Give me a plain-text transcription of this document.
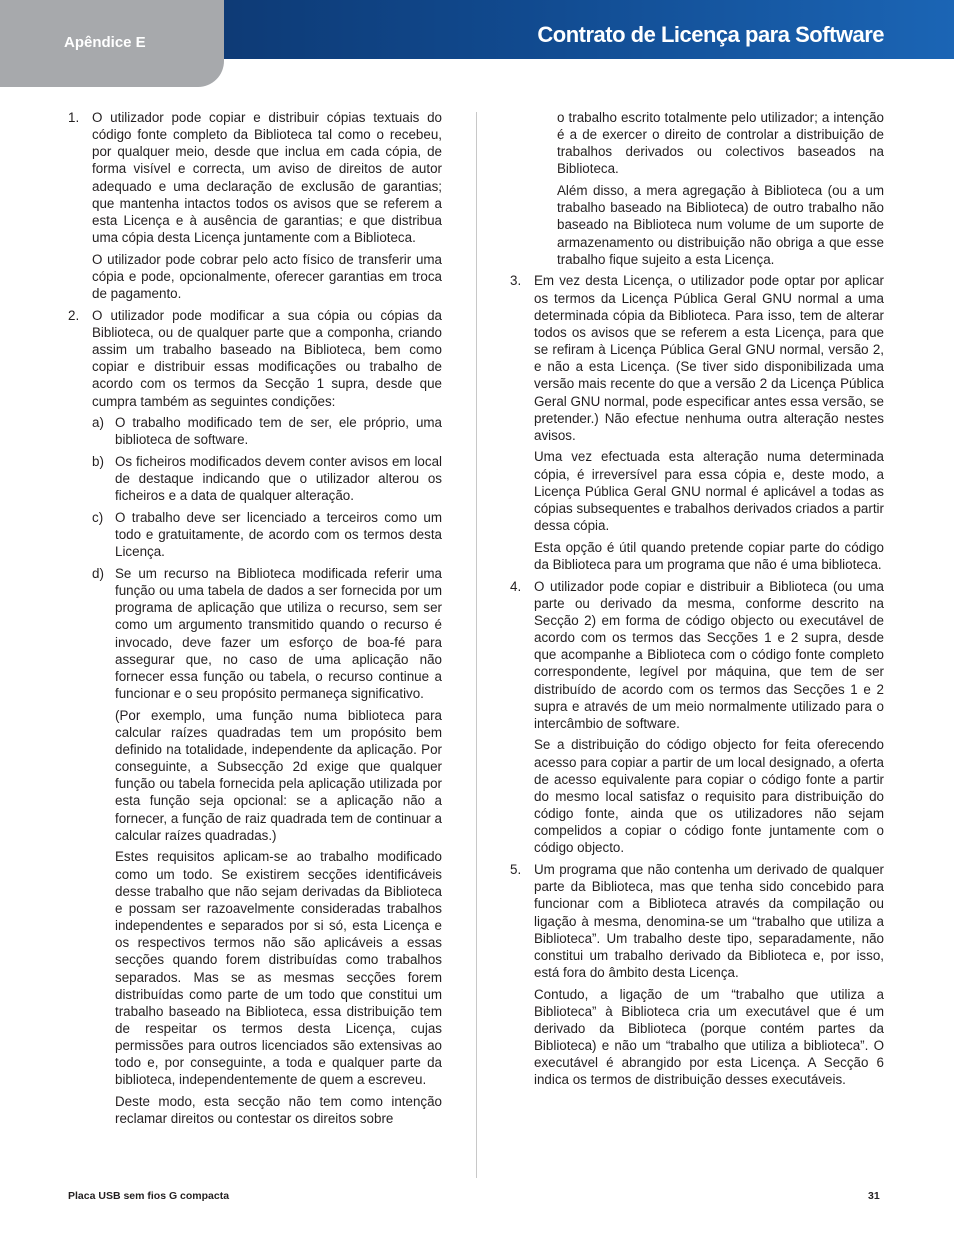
Contrato de Licença para Software
Apêndice E
1. O utilizador pode copiar e distribuir cópias textuais do código fonte completo da Biblioteca tal como o recebeu, por qualquer meio, desde que inclua em cada cópia, de forma visível e correcta, um aviso de direitos de autor adequado e uma declaração de exclusão de garantias; que mantenha intactos todos os avisos que se referem a esta Licença e à ausência de garantias; e que distribua uma cópia desta Licença juntamente com a Biblioteca.

O utilizador pode cobrar pelo acto físico de transferir uma cópia e pode, opcionalmente, oferecer garantias em troca de pagamento.

2. O utilizador pode modificar a sua cópia ou cópias da Biblioteca, ou de qualquer parte que a componha, criando assim um trabalho baseado na Biblioteca, bem como copiar e distribuir essas modificações ou trabalho de acordo com os termos da Secção 1 supra, desde que cumpra também as seguintes condições:

a) O trabalho modificado tem de ser, ele próprio, uma biblioteca de software.

b) Os ficheiros modificados devem conter avisos em local de destaque indicando que o utilizador alterou os ficheiros e a data de qualquer alteração.

c) O trabalho deve ser licenciado a terceiros como um todo e gratuitamente, de acordo com os termos desta Licença.

d) Se um recurso na Biblioteca modificada referir uma função ou uma tabela de dados a ser fornecida por um programa de aplicação que utiliza o recurso, sem ser como um argumento transmitido quando o recurso é invocado, deve fazer um esforço de boa-fé para assegurar que, no caso de uma aplicação não fornecer essa função ou tabela, o recurso continue a funcionar e o seu propósito permaneça significativo.

(Por exemplo, uma função numa biblioteca para calcular raízes quadradas tem um propósito bem definido na totalidade, independente da aplicação. Por conseguinte, a Subsecção 2d exige que qualquer função ou tabela fornecida pela aplicação utilizada por esta função seja opcional: se a aplicação não a fornecer, a função de raiz quadrada tem de continuar a calcular raízes quadradas.)

Estes requisitos aplicam-se ao trabalho modificado como um todo. Se existirem secções identificáveis desse trabalho que não sejam derivadas da Biblioteca e possam ser razoavelmente consideradas trabalhos independentes e separados por si só, esta Licença e os respectivos termos não são aplicáveis a essas secções quando forem distribuídas como trabalhos separados. Mas se as mesmas secções forem distribuídas como parte de um todo que constitui um trabalho baseado na Biblioteca, essa distribuição tem de respeitar os termos desta Licença, cujas permissões para outros licenciados são extensivas ao todo e, por conseguinte, a toda e qualquer parte da biblioteca, independentemente de quem a escreveu.

Deste modo, esta secção não tem como intenção reclamar direitos ou contestar os direitos sobre

o trabalho escrito totalmente pelo utilizador; a intenção é a de exercer o direito de controlar a distribuição de trabalhos derivados ou colectivos baseados na Biblioteca.

Além disso, a mera agregação à Biblioteca (ou a um trabalho baseado na Biblioteca) de outro trabalho não baseado na Biblioteca num volume de um suporte de armazenamento ou distribuição não obriga a que esse trabalho fique sujeito a esta Licença.

3. Em vez desta Licença, o utilizador pode optar por aplicar os termos da Licença Pública Geral GNU normal a uma determinada cópia da Biblioteca. Para isso, tem de alterar todos os avisos que se referem a esta Licença, para que se refiram à Licença Pública Geral GNU normal, versão 2, e não a esta Licença. (Se tiver sido disponibilizada uma versão mais recente do que a versão 2 da Licença Pública Geral GNU normal, pode especificar antes essa versão, se pretender.) Não efectue nenhuma outra alteração nestes avisos.

Uma vez efectuada esta alteração numa determinada cópia, é irreversível para essa cópia e, deste modo, a Licença Pública Geral GNU normal é aplicável a todas as cópias subsequentes e trabalhos derivados criados a partir dessa cópia.

Esta opção é útil quando pretende copiar parte do código da Biblioteca para um programa que não é uma biblioteca.

4. O utilizador pode copiar e distribuir a Biblioteca (ou uma parte ou derivado da mesma, conforme descrito na Secção 2) em forma de código objecto ou executável de acordo com os termos das Secções 1 e 2 supra, desde que acompanhe a Biblioteca com o código fonte completo correspondente, legível por máquina, que tem de ser distribuído de acordo com os termos das Secções 1 e 2 supra e através de um meio normalmente utilizado para o intercâmbio de software.

Se a distribuição do código objecto for feita oferecendo acesso para copiar a partir de um local designado, a oferta de acesso equivalente para copiar o código fonte a partir do mesmo local satisfaz o requisito para distribuição do código fonte, ainda que os utilizadores não sejam compelidos a copiar o código fonte juntamente com o código objecto.

5. Um programa que não contenha um derivado de qualquer parte da Biblioteca, mas que tenha sido concebido para funcionar com a Biblioteca através da compilação ou ligação à mesma, denomina-se um “trabalho que utiliza a Biblioteca”. Um trabalho deste tipo, separadamente, não constitui um trabalho derivado da Biblioteca e, por isso, está fora do âmbito desta Licença.

Contudo, a ligação de um “trabalho que utiliza a Biblioteca” à Biblioteca cria um executável que é um derivado da Biblioteca (porque contém partes da Biblioteca) e não um “trabalho que utiliza a biblioteca”. O executável é abrangido por esta Licença. A Secção 6 indica os termos de distribuição desses executáveis.

Placa USB sem fios G compacta	31
